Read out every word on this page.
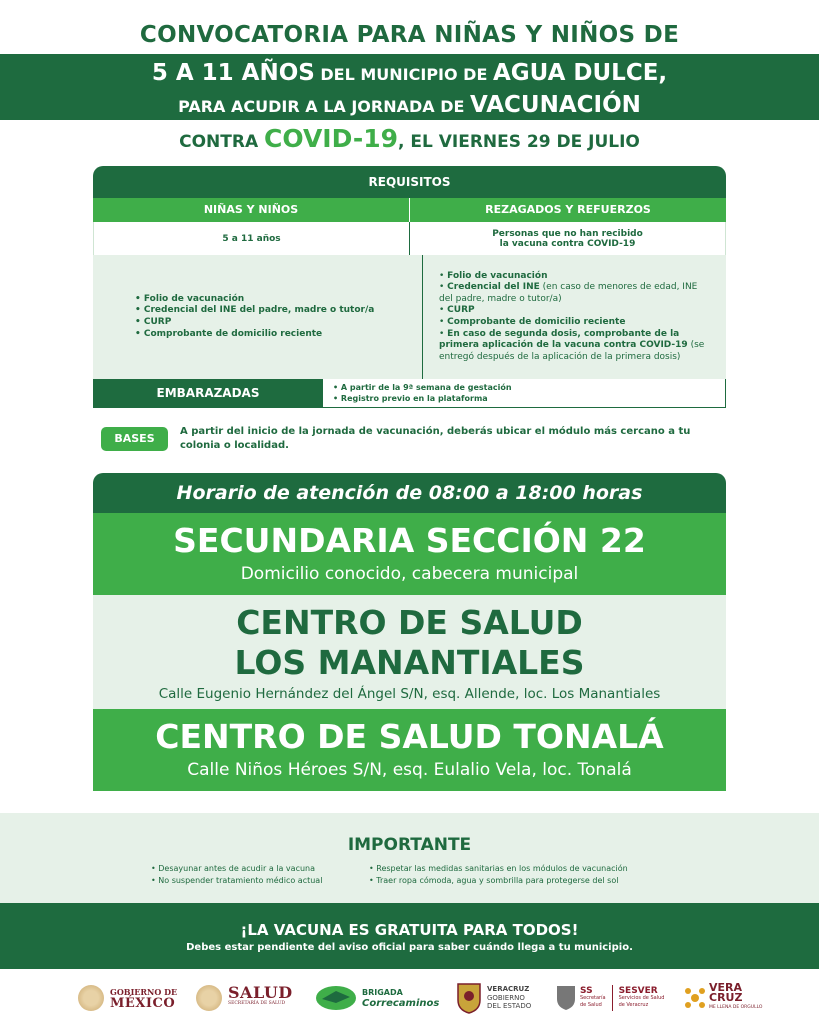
CONVOCATORIA PARA NIÑAS Y NIÑOS DE
5 A 11 AÑOS DEL MUNICIPIO DE AGUA DULCE,
PARA ACUDIR A LA JORNADA DE VACUNACIÓN
CONTRA COVID-19, EL VIERNES 29 DE JULIO
REQUISITOS
NIÑAS Y NIÑOS	REZAGADOS Y REFUERZOS
5 a 11 años	Personas que no han recibido
la vacuna contra COVID-19
• Folio de vacunación
• Credencial del INE del padre, madre o tutor/a
• CURP
• Comprobante de domicilio reciente
• Folio de vacunación
• Credencial del INE (en caso de menores de edad, INE del padre, madre o tutor/a)
• CURP
• Comprobante de domicilio reciente
• En caso de segunda dosis, comprobante de la primera aplicación de la vacuna contra COVID-19 (se entregó después de la aplicación de la primera dosis)
EMBARAZADAS
•	A partir de la 9ª semana de gestación
• Registro previo en la plataforma
BASES
A partir del inicio de la jornada de vacunación, deberás ubicar el módulo más cercano a tu colonia o localidad.
Horario de atención de 08:00 a 18:00 horas
SECUNDARIA SECCIÓN 22
Domicilio conocido, cabecera municipal
CENTRO DE SALUD
LOS MANANTIALES
Calle Eugenio Hernández del Ángel S/N, esq. Allende, loc. Los Manantiales
CENTRO DE SALUD TONALÁ
Calle Niños Héroes S/N, esq. Eulalio Vela, loc. Tonalá
IMPORTANTE
• Desayunar antes de acudir a la vacuna
• No suspender tratamiento médico actual
• Respetar las medidas sanitarias en los módulos de vacunación
• Traer ropa cómoda, agua y sombrilla para protegerse del sol
¡LA VACUNA ES GRATUITA PARA TODOS!
Debes estar pendiente del aviso oficial para saber cuándo llega a tu municipio.
GOBIERNO DE
MÉXICO
SALUD
SECRETARÍA DE SALUD
BRIGADA
Correcaminos
VERACRUZ
GOBIERNO
DEL ESTADO
SS
Secretaría
de Salud
SESVER
Servicios de Salud
de Veracruz
VERA
CRUZ
ME LLENA DE ORGULLO
